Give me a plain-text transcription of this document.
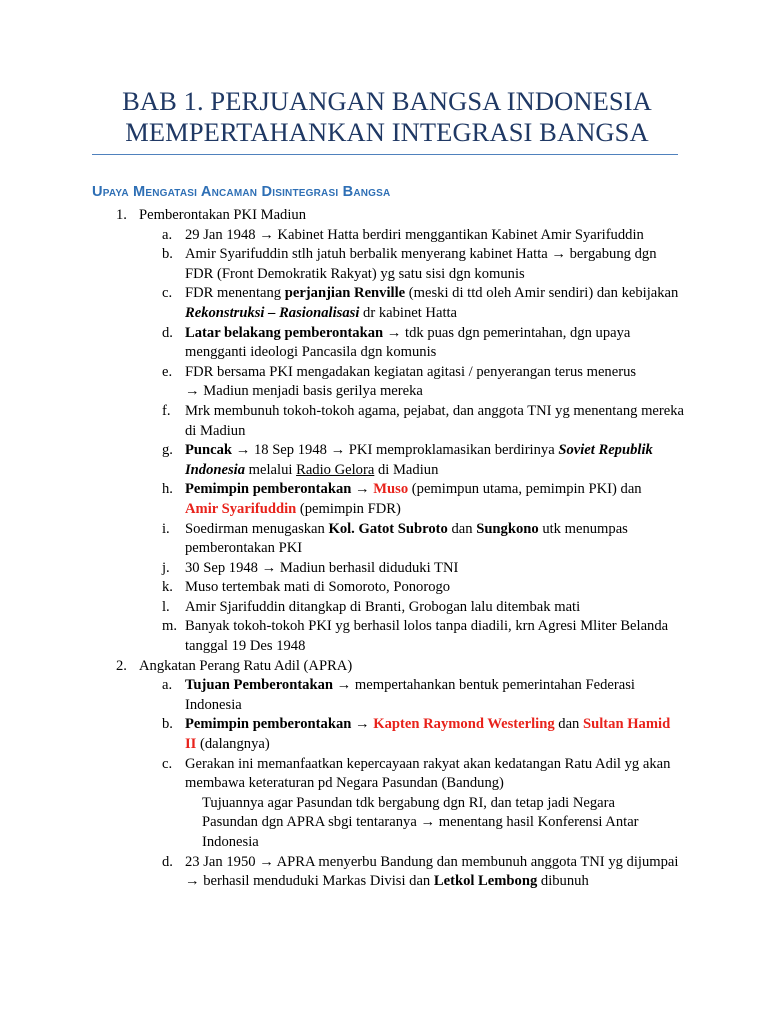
BAB 1. PERJUANGAN BANGSA INDONESIA
MEMPERTAHANKAN INTEGRASI BANGSA
Upaya Mengatasi Ancaman Disintegrasi Bangsa
1. Pemberontakan PKI Madiun
a. 29 Jan 1948 → Kabinet Hatta berdiri menggantikan Kabinet Amir Syarifuddin
b. Amir Syarifuddin stlh jatuh berbalik menyerang kabinet Hatta → bergabung dgn FDR (Front Demokratik Rakyat) yg satu sisi dgn komunis
c. FDR menentang perjanjian Renville (meski di ttd oleh Amir sendiri) dan kebijakan Rekonstruksi – Rasionalisasi dr kabinet Hatta
d. Latar belakang pemberontakan → tdk puas dgn pemerintahan, dgn upaya mengganti ideologi Pancasila dgn komunis
e. FDR bersama PKI mengadakan kegiatan agitasi / penyerangan terus menerus
→ Madiun menjadi basis gerilya mereka
f. Mrk membunuh tokoh-tokoh agama, pejabat, dan anggota TNI yg menentang mereka di Madiun
g. Puncak → 18 Sep 1948 → PKI memproklamasikan berdirinya Soviet Republik Indonesia melalui Radio Gelora di Madiun
h. Pemimpin pemberontakan → Muso (pemimpun utama, pemimpin PKI) dan
Amir Syarifuddin (pemimpin FDR)
i. Soedirman menugaskan Kol. Gatot Subroto dan Sungkono utk menumpas pemberontakan PKI
j. 30 Sep 1948 → Madiun berhasil diduduki TNI
k. Muso tertembak mati di Somoroto, Ponorogo
l. Amir Sjarifuddin ditangkap di Branti, Grobogan lalu ditembak mati
m. Banyak tokoh-tokoh PKI yg berhasil lolos tanpa diadili, krn Agresi Mliter Belanda tanggal 19 Des 1948
2. Angkatan Perang Ratu Adil (APRA)
a. Tujuan Pemberontakan → mempertahankan bentuk pemerintahan Federasi Indonesia
b. Pemimpin pemberontakan → Kapten Raymond Westerling dan Sultan Hamid II (dalangnya)
c. Gerakan ini memanfaatkan kepercayaan rakyat akan kedatangan Ratu Adil yg akan membawa keteraturan pd Negara Pasundan (Bandung)
Tujuannya agar Pasundan tdk bergabung dgn RI, dan tetap jadi Negara Pasundan dgn APRA sbgi tentaranya → menentang hasil Konferensi Antar Indonesia
d. 23 Jan 1950 → APRA menyerbu Bandung dan membunuh anggota TNI yg dijumpai → berhasil menduduki Markas Divisi dan Letkol Lembong dibunuh
